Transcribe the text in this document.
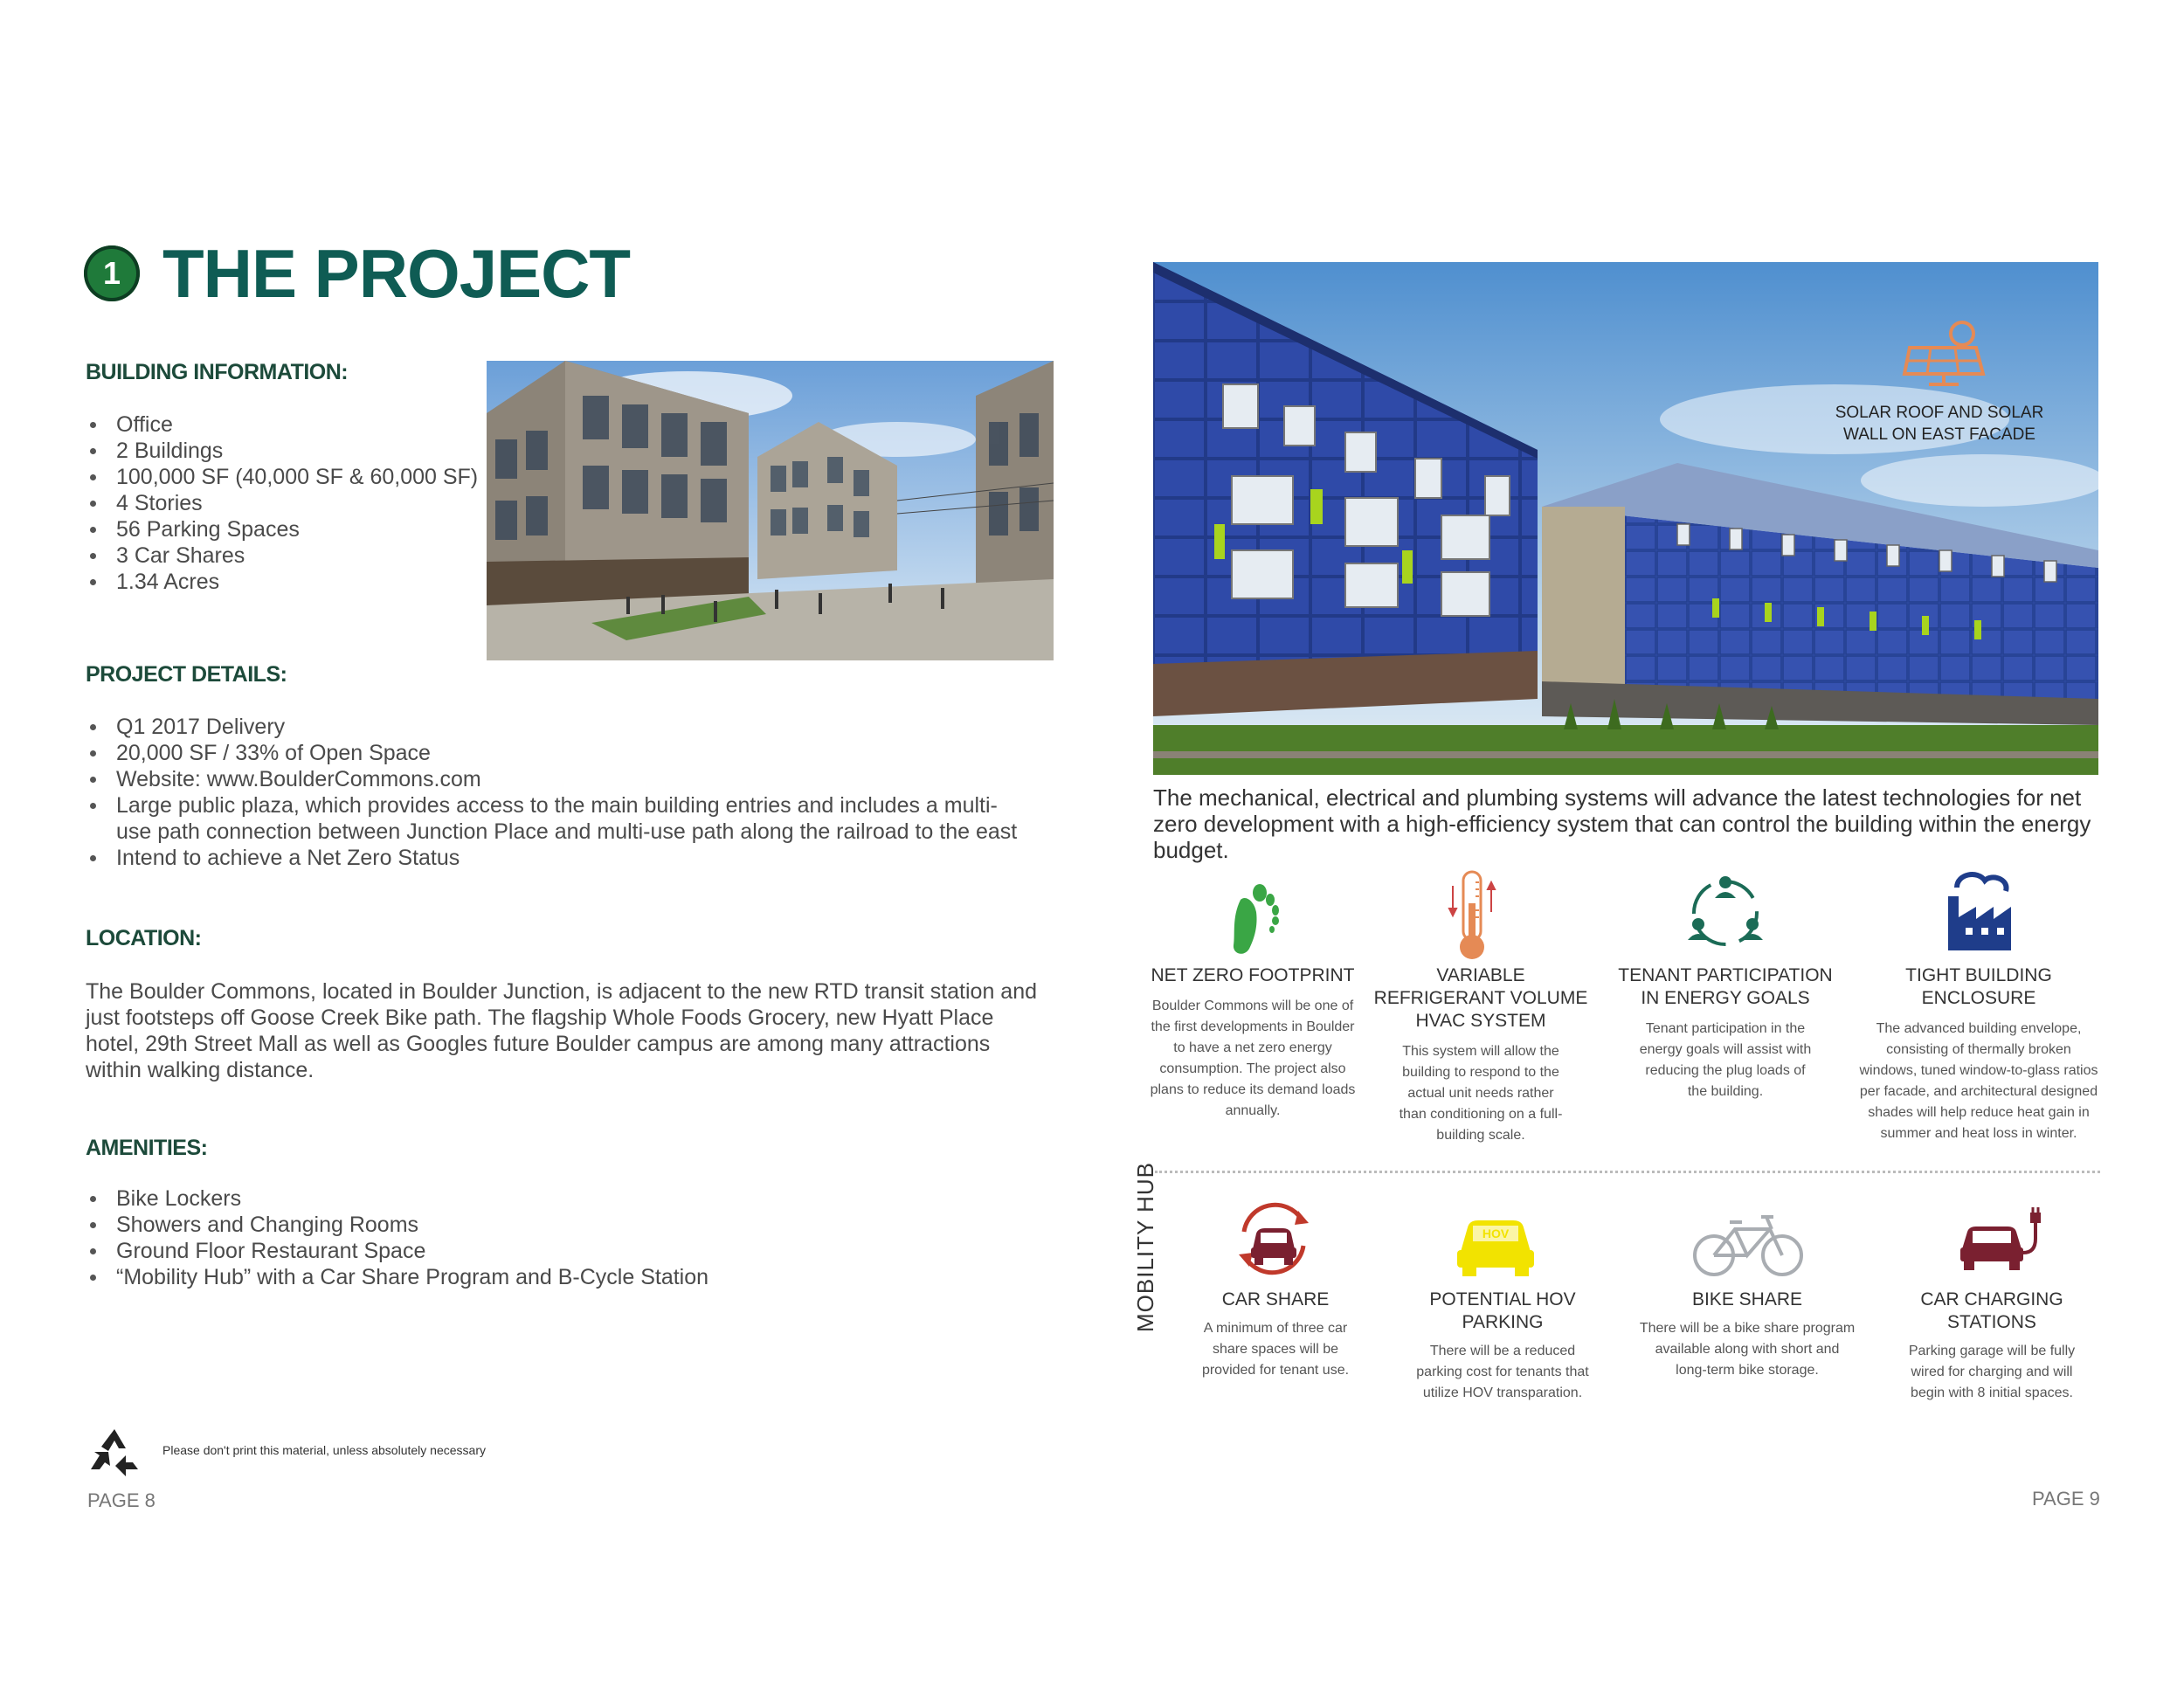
1 THE PROJECT
BUILDING INFORMATION:
Office
2 Buildings
100,000 SF (40,000 SF & 60,000 SF)
4 Stories
56 Parking Spaces
3 Car Shares
1.34 Acres
PROJECT DETAILS:
Q1 2017 Delivery
20,000 SF / 33% of Open Space
Website: www.BoulderCommons.com
Large public plaza, which provides access to the main building entries and includes a multi-use path connection between Junction Place and multi-use path along the railroad to the east
Intend to achieve a Net Zero Status
LOCATION:
The Boulder Commons, located in Boulder Junction, is adjacent to the new RTD transit station and just footsteps off Goose Creek Bike path. The flagship Whole Foods Grocery, new Hyatt Place hotel, 29th Street Mall as well as Googles future Boulder campus are among many attractions within walking distance.
AMENITIES:
Bike Lockers
Showers and Changing Rooms
Ground Floor Restaurant Space
“Mobility Hub” with a Car Share Program and B-Cycle Station
Please don't print this material, unless absolutely necessary
PAGE 8
SOLAR ROOF AND SOLAR WALL ON EAST FACADE
The mechanical, electrical and plumbing systems will advance the latest technologies for net zero development with a high-efficiency system that can control the building within the energy budget.
NET ZERO FOOTPRINT
Boulder Commons will be one of the first developments in Boulder to have a net zero energy consumption. The project also plans to reduce its demand loads annually.
VARIABLE REFRIGERANT VOLUME HVAC SYSTEM
This system will allow the building to respond to the actual unit needs rather than conditioning on a full-building scale.
TENANT PARTICIPATION IN ENERGY GOALS
Tenant participation in the energy goals will assist with reducing the plug loads of the building.
TIGHT BUILDING ENCLOSURE
The advanced building envelope, consisting of thermally broken windows, tuned window-to-glass ratios per facade, and architectural designed shades will help reduce heat gain in summer and heat loss in winter.
MOBILITY HUB	HOV
CAR SHARE
A minimum of three car share spaces will be provided for tenant use.
POTENTIAL HOV PARKING
There will be a reduced parking cost for tenants that utilize HOV transparation.
BIKE SHARE
There will be a bike share program available along with short and long-term bike storage.
CAR CHARGING STATIONS
Parking garage will be fully wired for charging and will begin with 8 initial spaces.
PAGE 9
